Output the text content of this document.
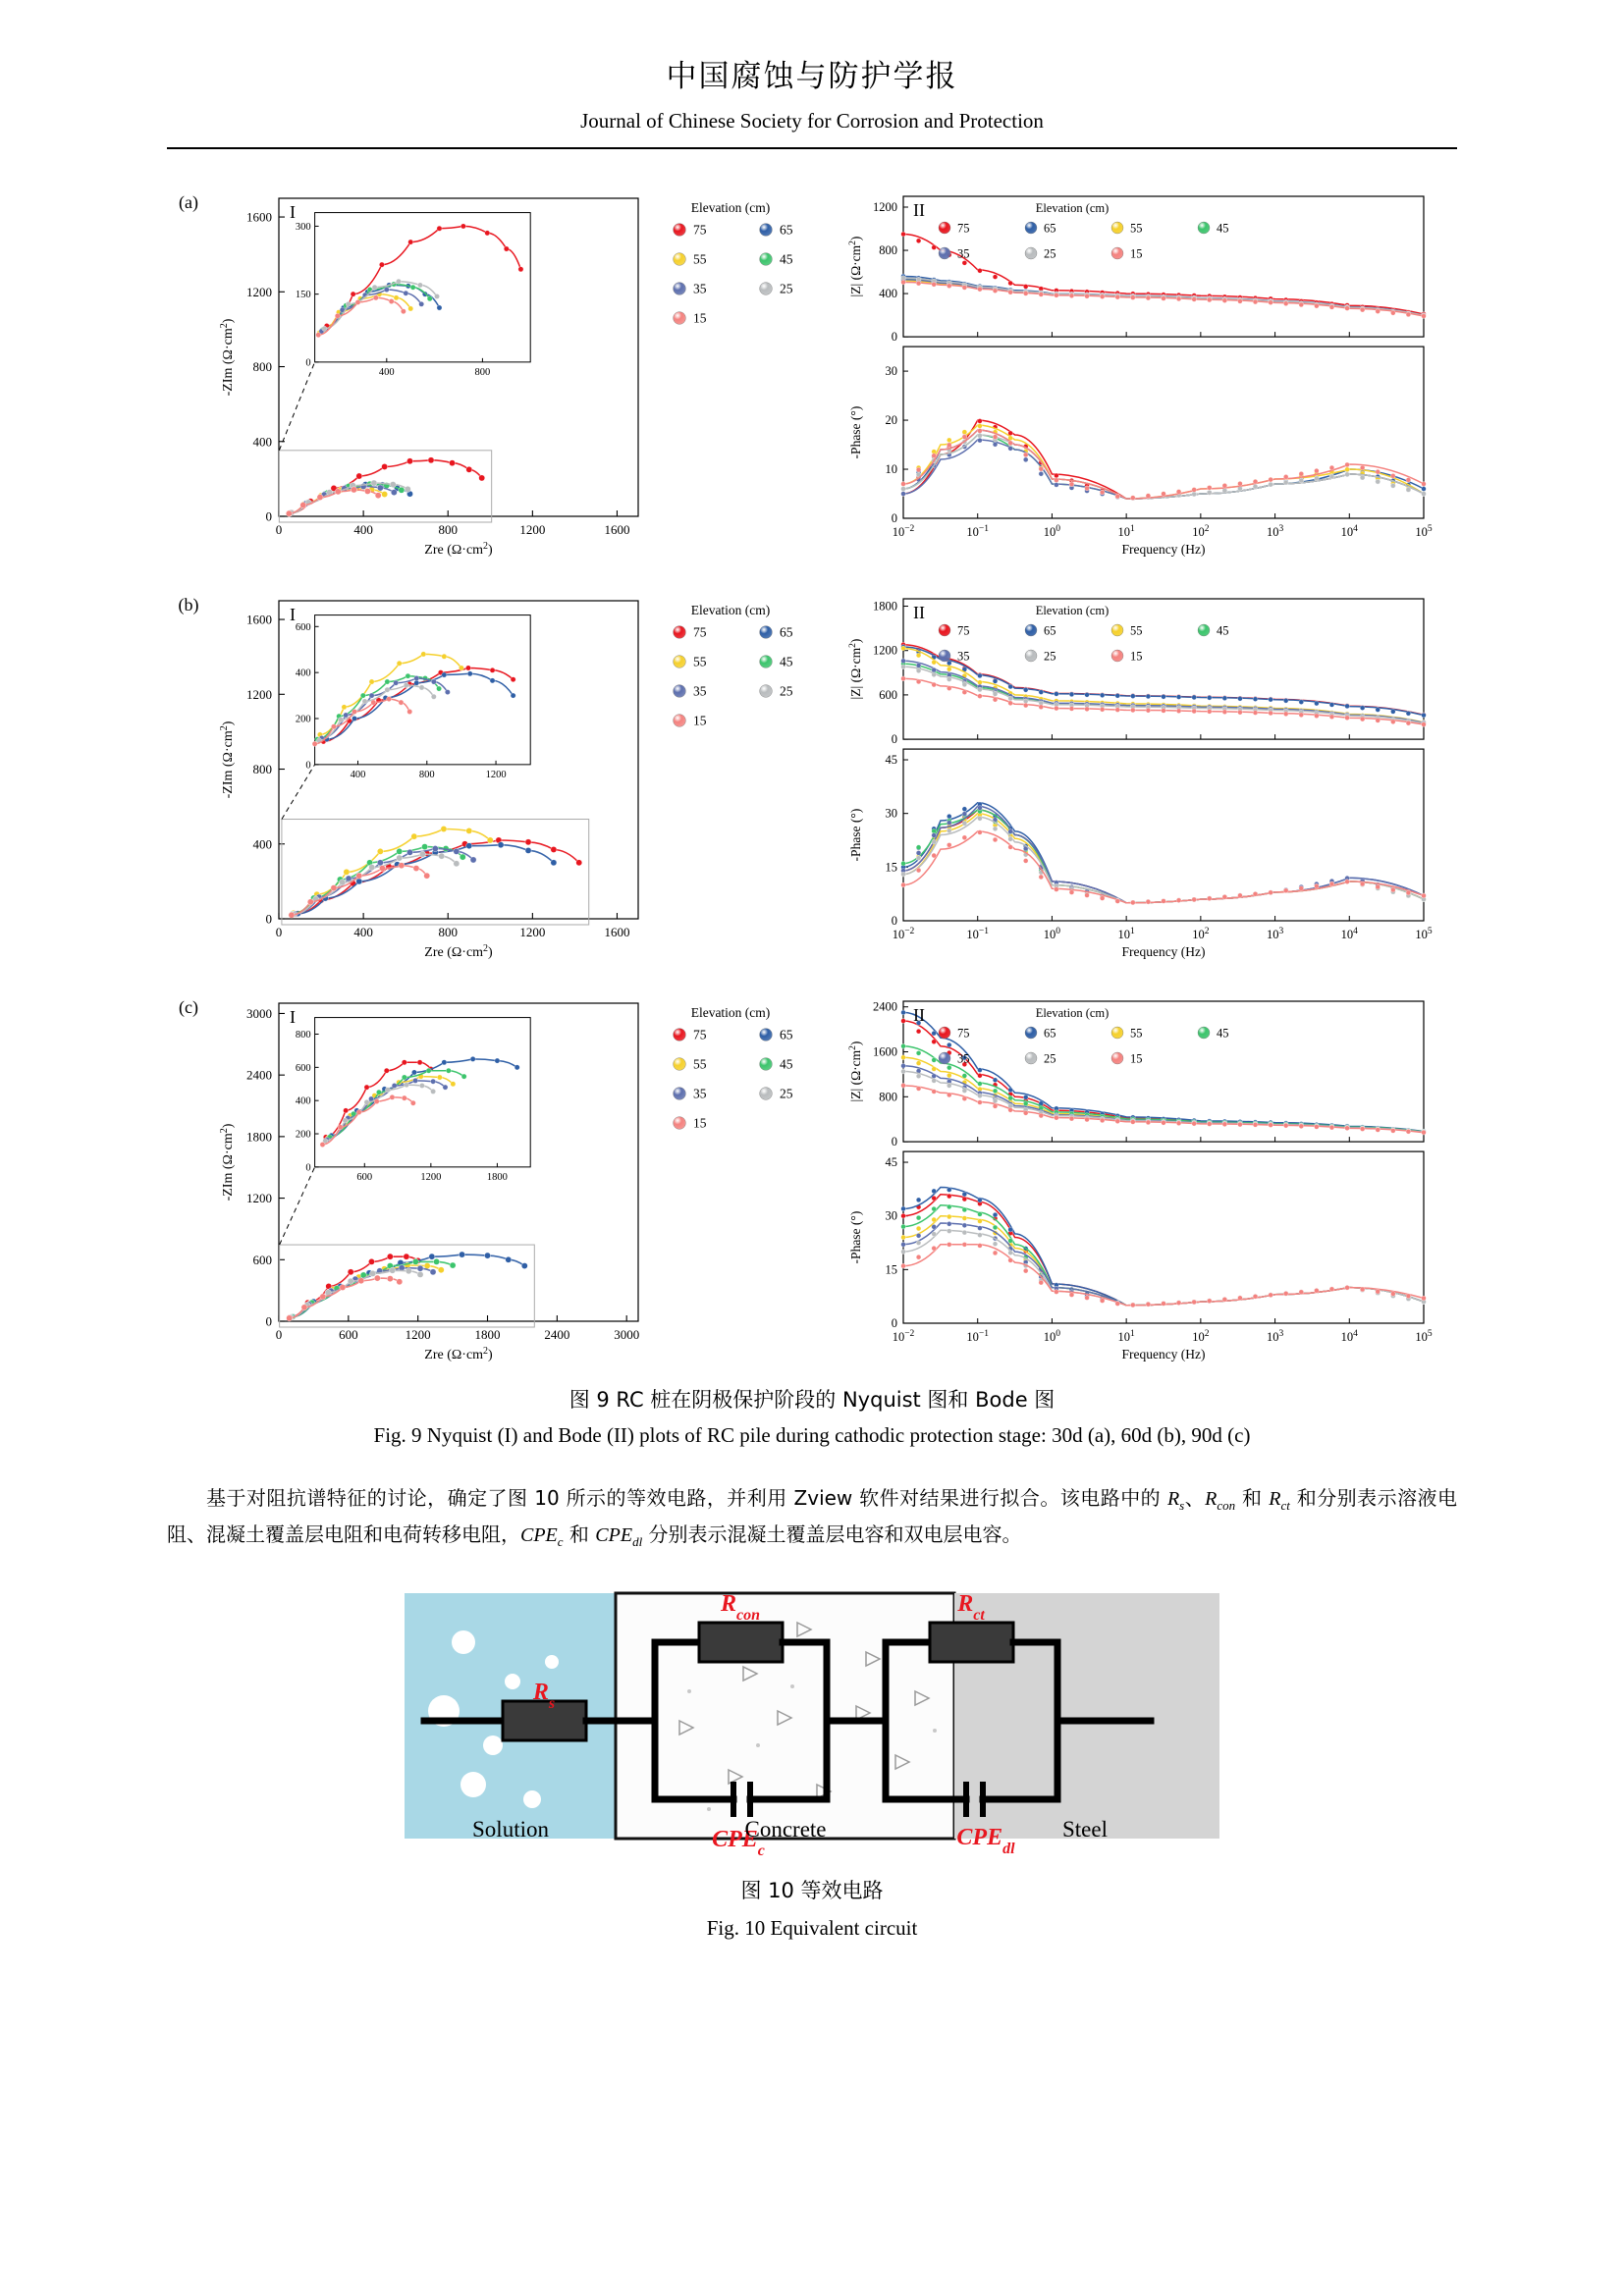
中国腐蚀与防护学报
Journal of Chinese Society for Corrosion and Protection
(a)
0	400	800	1200	1600
0
400
800
1200
1600
Zre $(\Omega\cdot cm^2)$
-ZIm $(\Omega\cdot cm^2)$
400	800
0
150
300
I	Elevation (cm)
75	65
55	45
35	25
15
0
400
800
1200
|Z| $(\Omega\cdot cm^2)$
0
10
20
30
$10^{-2}$	$10^{-1}$	$10^0$	$10^1$	$10^2$	$10^3$	$10^4$	$10^5$
Frequency (Hz)
-Phase (°)
II	Elevation (cm)
75	65	55	45
35	25	15
(b)
0	400	800	1200	1600
0
400
800
1200
1600
Zre $(\Omega\cdot cm^2)$
-ZIm $(\Omega\cdot cm^2)$
400	800	1200
0
200
400
600
I	Elevation (cm)
75	65
55	45
35	25
15
0
600
1200
1800
|Z| $(\Omega\cdot cm^2)$
0
15
30
45
$10^{-2}$	$10^{-1}$	$10^0$	$10^1$	$10^2$	$10^3$	$10^4$	$10^5$
Frequency (Hz)
-Phase (°)
II	Elevation (cm)
75	65	55	45
35	25	15
(c)
0	600	1200	1800	2400	3000
0
600
1200
1800
2400
3000
Zre $(\Omega\cdot cm^2)$
-ZIm $(\Omega\cdot cm^2)$
600	1200	1800
0
200
400
600
800
I	Elevation (cm)
75	65
55	45
35	25
15
0
800
1600
2400
|Z| $(\Omega\cdot cm^2)$
0
15
30
45
$10^{-2}$	$10^{-1}$	$10^0$	$10^1$	$10^2$	$10^3$	$10^4$	$10^5$
Frequency (Hz)
-Phase (°)
II	Elevation (cm)
75	65	55	45
35	25	15
图 9 RC 桩在阴极保护阶段的 Nyquist 图和 Bode 图
Fig. 9 Nyquist (I) and Bode (II) plots of RC pile during cathodic protection stage: 30d (a), 60d (b), 90d (c)
基于对阻抗谱特征的讨论，确定了图 10 所示的等效电路，并利用 Zview 软件对结果进行拟合。该电路中的 $R_s$、$R_{con}$ 和 $R_{ct}$ 和分别表示溶液电阻、混凝土覆盖层电阻和电荷转移电阻，$CPE_c$ 和 $CPE_{dl}$ 分别表示混凝土覆盖层电容和双电层电容。
$R_s$
$R_{con}$	$R_{ct}$
$CPE_c$	$CPE_{dl}$
Solution	Concrete	Steel
图 10 等效电路
Fig. 10 Equivalent circuit
